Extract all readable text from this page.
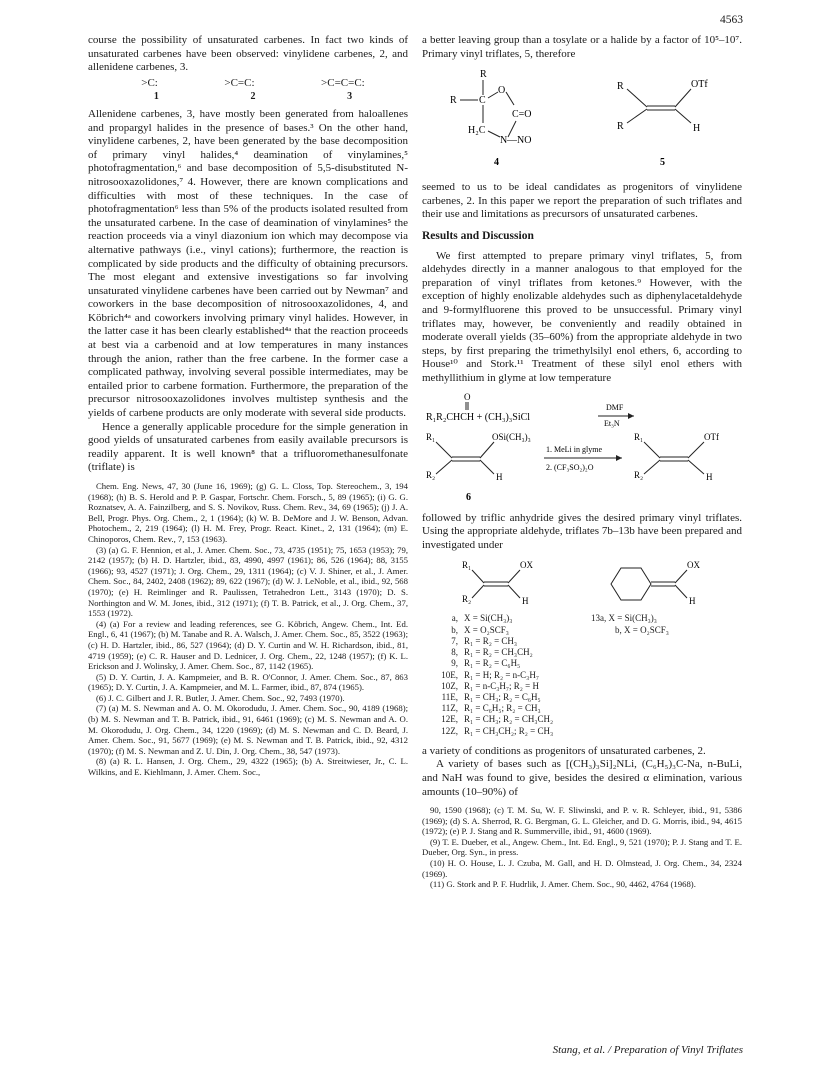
4563

course the possibility of unsaturated carbenes. In fact two kinds of unsaturated carbenes have been observed: vinylidene carbenes, 2, and allenidene carbenes, 3.

>C:	>C=C:	>C=C=C:
1	2	3

Allenidene carbenes, 3, have mostly been generated from haloallenes and propargyl halides in the presence of bases.³ On the other hand, vinylidene carbenes, 2, have been generated by the base decomposition of primary vinyl halides,⁴ deamination of vinylamines,⁵ photofragmentation,⁶ and base decomposition of 5,5-disubstituted N-nitrosooxazolidones,⁷ 4. However, there are known complications and difficulties with most of these techniques. In the case of photofragmentation⁶ less than 5% of the products isolated resulted from the unsaturated carbene. In the case of deamination of vinylamines⁵ the reaction proceeds via a vinyl diazonium ion which may decompose via alternative pathways (i.e., vinyl cations); furthermore, the reaction is complicated by side products and the difficulty of obtaining precursors. The most elegant and extensive investigations so far involving unsaturated vinylidene carbenes have been carried out by Newman⁷ and coworkers in the base decomposition of nitrosooxazolidones, 4, and Köbrich⁴ᵃ and coworkers involving primary vinyl halides. However, in the latter case it has been clearly established⁴ᵃ that the reaction proceeds at best via a carbenoid and at low temperatures in many instances through the anion, rather than the free carbene. In the former case a complicated pathway, involving several possible intermediates, may be entailed prior to carbene formation. Furthermore, the preparation of the precursor nitrosooxazolidones involves multistep synthesis and the yields of carbene products are only moderate with several side products.

Hence a generally applicable procedure for the simple generation in good yields of unsaturated carbenes from easily available precursors is readily apparent. It is well known⁸ that a trifluoromethanesulfonate (triflate) is

Chem. Eng. News, 47, 30 (June 16, 1969); (g) G. L. Closs, Top. Stereochem., 3, 194 (1968); (h) B. S. Herold and P. P. Gaspar, Fortschr. Chem. Forsch., 5, 89 (1965); (i) G. G. Roznatsev, A. A. Fainzilberg, and S. S. Novikov, Russ. Chem. Rev., 34, 69 (1965); (j) J. A. Bell, Progr. Phys. Org. Chem., 2, 1 (1964); (k) W. B. DeMore and J. W. Benson, Advan. Photochem., 2, 219 (1964); (l) H. M. Frey, Progr. React. Kinet., 2, 131 (1964); (m) E. Chinoporos, Chem. Rev., 7, 153 (1963).

(3) (a) G. F. Hennion, et al., J. Amer. Chem. Soc., 73, 4735 (1951); 75, 1653 (1953); 79, 2142 (1957); (b) H. D. Hartzler, ibid., 83, 4990, 4997 (1961); 86, 526 (1964); 88, 3155 (1966); 93, 4527 (1971); J. Org. Chem., 29, 1311 (1964); (c) V. J. Shiner, et al., J. Amer. Chem. Soc., 84, 2402, 2408 (1962); 89, 622 (1967); (d) W. J. LeNoble, et al., ibid., 92, 568 (1970); (e) H. Reimlinger and R. Paulissen, Tetrahedron Lett., 3143 (1970); D. S. Northington and W. M. Jones, ibid., 312 (1971); (f) T. B. Patrick, et al., J. Org. Chem., 37, 1553 (1972).

(4) (a) For a review and leading references, see G. Köbrich, Angew. Chem., Int. Ed. Engl., 6, 41 (1967); (b) M. Tanabe and R. A. Walsch, J. Amer. Chem. Soc., 85, 3522 (1963); (c) H. D. Hartzler, ibid., 86, 527 (1964); (d) D. Y. Curtin and W. H. Richardson, ibid., 81, 4719 (1959); (e) C. R. Hauser and D. Lednicer, J. Org. Chem., 22, 1248 (1957); (f) K. L. Erickson and J. Wolinsky, J. Amer. Chem. Soc., 87, 1142 (1965).

(5) D. Y. Curtin, J. A. Kampmeier, and B. R. O'Connor, J. Amer. Chem. Soc., 87, 863 (1965); D. Y. Curtin, J. A. Kampmeier, and M. L. Farmer, ibid., 87, 874 (1965).

(6) J. C. Gilbert and J. R. Butler, J. Amer. Chem. Soc., 92, 7493 (1970).

(7) (a) M. S. Newman and A. O. M. Okorodudu, J. Amer. Chem. Soc., 90, 4189 (1968); (b) M. S. Newman and T. B. Patrick, ibid., 91, 6461 (1969); (c) M. S. Newman and A. O. M. Okorodudu, J. Org. Chem., 34, 1220 (1969); (d) M. S. Newman and C. D. Beard, J. Amer. Chem. Soc., 91, 5677 (1969); (e) M. S. Newman and T. B. Patrick, ibid., 92, 4312 (1970); (f) M. S. Newman and Z. U. Din, J. Org. Chem., 38, 547 (1973).

(8) (a) R. L. Hansen, J. Org. Chem., 29, 4322 (1965); (b) A. Streitwieser, Jr., C. L. Wilkins, and E. Kiehlmann, J. Amer. Chem. Soc.,

a better leaving group than a tosylate or a halide by a factor of 10⁵–10⁷. Primary vinyl triflates, 5, therefore

R
R C
O
C=O
H₂C
N —NO
4
R
R
OTf
H
5

seemed to us to be ideal candidates as progenitors of vinylidene carbenes, 2. In this paper we report the preparation of such triflates and their use and limitations as precursors of unsaturated carbenes.

Results and Discussion

We first attempted to prepare primary vinyl triflates, 5, from aldehydes directly in a manner analogous to that employed for the preparation of vinyl triflates from ketones.⁹ However, with the exception of highly enolizable aldehydes such as diphenylacetaldehyde and 9-formylfluorene this proved to be unsuccessful. Primary vinyl triflates may, however, be conveniently and readily obtained in moderate overall yields (35–60%) from the appropriate aldehyde in two steps, by first preparing the trimethylsilyl enol ethers, 6, according to House¹⁰ and Stork.¹¹ Treatment of these silyl enol ethers with methyllithium in glyme at low temperature

O
R₁R₂CHCH + (CH₃)₃SiCl
DMF
Et₃N
R₁
R₂
OSi(CH₃)₃
H
6
1. MeLi in glyme
2. (CF₃SO₂)₂O
R₁
R₂
OTf
H

followed by triflic anhydride gives the desired primary vinyl triflates. Using the appropriate aldehyde, triflates 7b–13b have been prepared and investigated under

R₁
R₂
OX
H
a, X = Si(CH₃)₃
b, X = O₂SCF₃
7, R₁ = R₂ = CH₃
8, R₁ = R₂ = CH₃CH₂
9, R₁ = R₂ = C₆H₅
10E, R₁ = H; R₂ = n-C₃H₇
10Z, R₁ = n-C₃H₇; R₂ = H
11E, R₁ = CH₃; R₂ = C₆H₅
11Z, R₁ = C₆H₅; R₂ = CH₃
12E, R₁ = CH₃; R₂ = CH₃CH₂
12Z, R₁ = CH₃CH₂; R₂ = CH₃
OX
H
13a, X = Si(CH₃)₃
b, X = O₂SCF₃

a variety of conditions as progenitors of unsaturated carbenes, 2.

A variety of bases such as [(CH₃)₃Si]₂NLi, (C₆H₅)₃C-Na, n-BuLi, and NaH was found to give, besides the desired α elimination, various amounts (10–90%) of

90, 1590 (1968); (c) T. M. Su, W. F. Sliwinski, and P. v. R. Schleyer, ibid., 91, 5386 (1969); (d) S. A. Sherrod, R. G. Bergman, G. L. Gleicher, and D. G. Morris, ibid., 94, 4615 (1972); (e) P. J. Stang and R. Summerville, ibid., 91, 4600 (1969).

(9) T. E. Dueber, et al., Angew. Chem., Int. Ed. Engl., 9, 521 (1970); P. J. Stang and T. E. Dueber, Org. Syn., in press.

(10) H. O. House, L. J. Czuba, M. Gall, and H. D. Olmstead, J. Org. Chem., 34, 2324 (1969).

(11) G. Stork and P. F. Hudrlik, J. Amer. Chem. Soc., 90, 4462, 4764 (1968).

Stang, et al. / Preparation of Vinyl Triflates
